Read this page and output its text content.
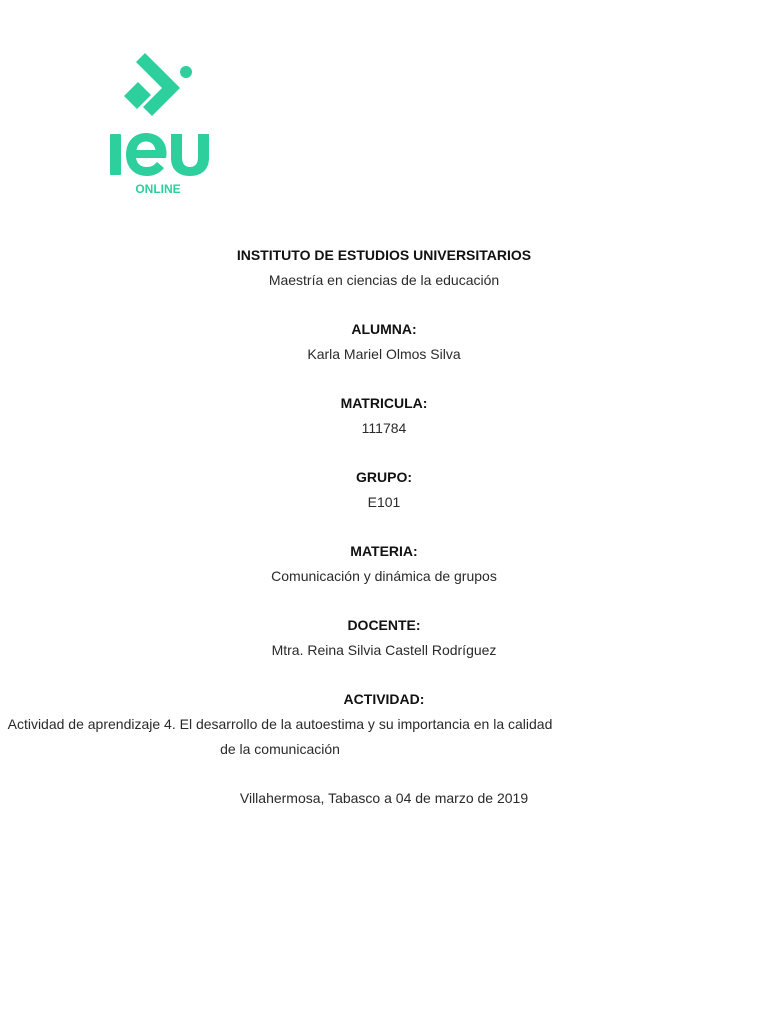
ONLINE

INSTITUTO DE ESTUDIOS UNIVERSITARIOS

Maestría en ciencias de la educación

ALUMNA:

Karla Mariel Olmos Silva

MATRICULA:

111784

GRUPO:

E101

MATERIA:

Comunicación y dinámica de grupos

DOCENTE:

Mtra. Reina Silvia Castell Rodríguez

ACTIVIDAD:

Actividad de aprendizaje 4. El desarrollo de la autoestima y su importancia en la calidad de la comunicación

Villahermosa, Tabasco a 04 de marzo de 2019
